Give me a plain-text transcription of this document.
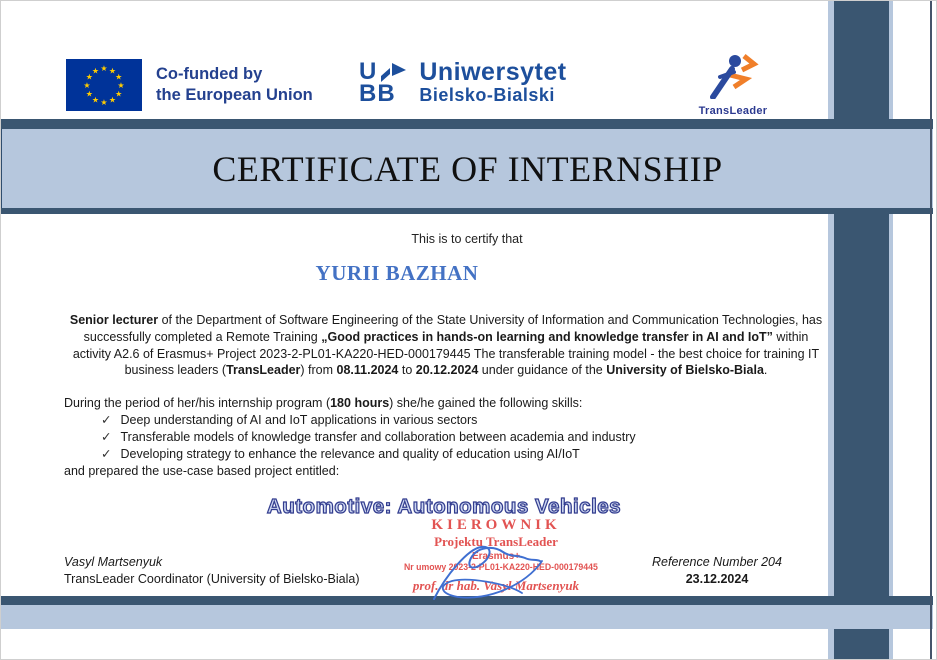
★ ★
★
★
★
★
★
★
★
★
★
★	Co-funded by
the European Union
U
BB
Uniwersytet
Bielsko-Bialski
TransLeader
CERTIFICATE OF INTERNSHIP
This is to certify that
YURII BAZHAN
Senior lecturer of the Department of Software Engineering of the State University of Information and Communication Technologies, has successfully completed a Remote Training „Good practices in hands-on learning and knowledge transfer in AI and IoT” within activity A2.6 of Erasmus+ Project 2023-2-PL01-KA220-HED-000179445 The transferable training model - the best choice for training IT business leaders (TransLeader) from 08.11.2024 to 20.12.2024 under guidance of the University of Bielsko-Biala.
During the period of her/his internship program (180 hours) she/he gained the following skills:
✓ Deep understanding of AI and IoT applications in various sectors
✓ Transferable models of knowledge transfer and collaboration between academia and industry
✓ Developing strategy to enhance the relevance and quality of education using AI/IoT
and prepared the use-case based project entitled:
Automotive: Autonomous Vehicles
KIEROWNIK
Projektu TransLeader
Erasmus+
Nr umowy 2023-2-PL01-KA220-HED-000179445
prof. dr hab. Vasyl Martsenyuk
Vasyl Martsenyuk
TransLeader Coordinator (University of Bielsko-Biala)
Reference Number 204
23.12.2024
